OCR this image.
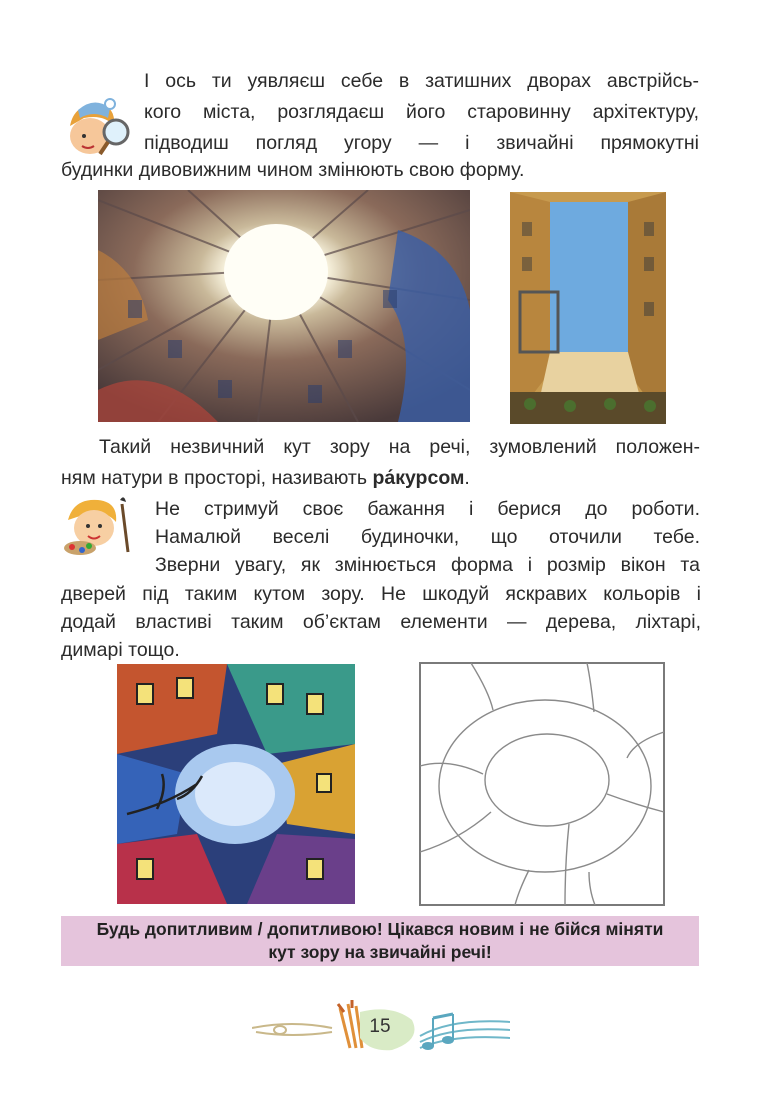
І ось ти уявляєш себе в затишних дворах австрійсь-
кого міста, розглядаєш його старовинну архітектуру,
підводиш погляд угору — і звичайні прямокутні
будинки дивовижним чином змінюють свою форму.
Такий незвичний кут зору на речі, зумовлений положен-
ням натури в просторі, називають ра́курсом.
Не стримуй своє бажання і берися до роботи.
Намалюй веселі будиночки, що оточили тебе.
Зверни увагу, як змінюється форма і розмір вікон та
дверей під таким кутом зору. Не шкодуй яскравих кольорів і
додай властиві таким об’єктам елементи — дерева, ліхтарі,
димарі тощо.
Будь допитливим / допитливою! Цікався новим і не бійся міняти
кут зору на звичайні речі!
15
